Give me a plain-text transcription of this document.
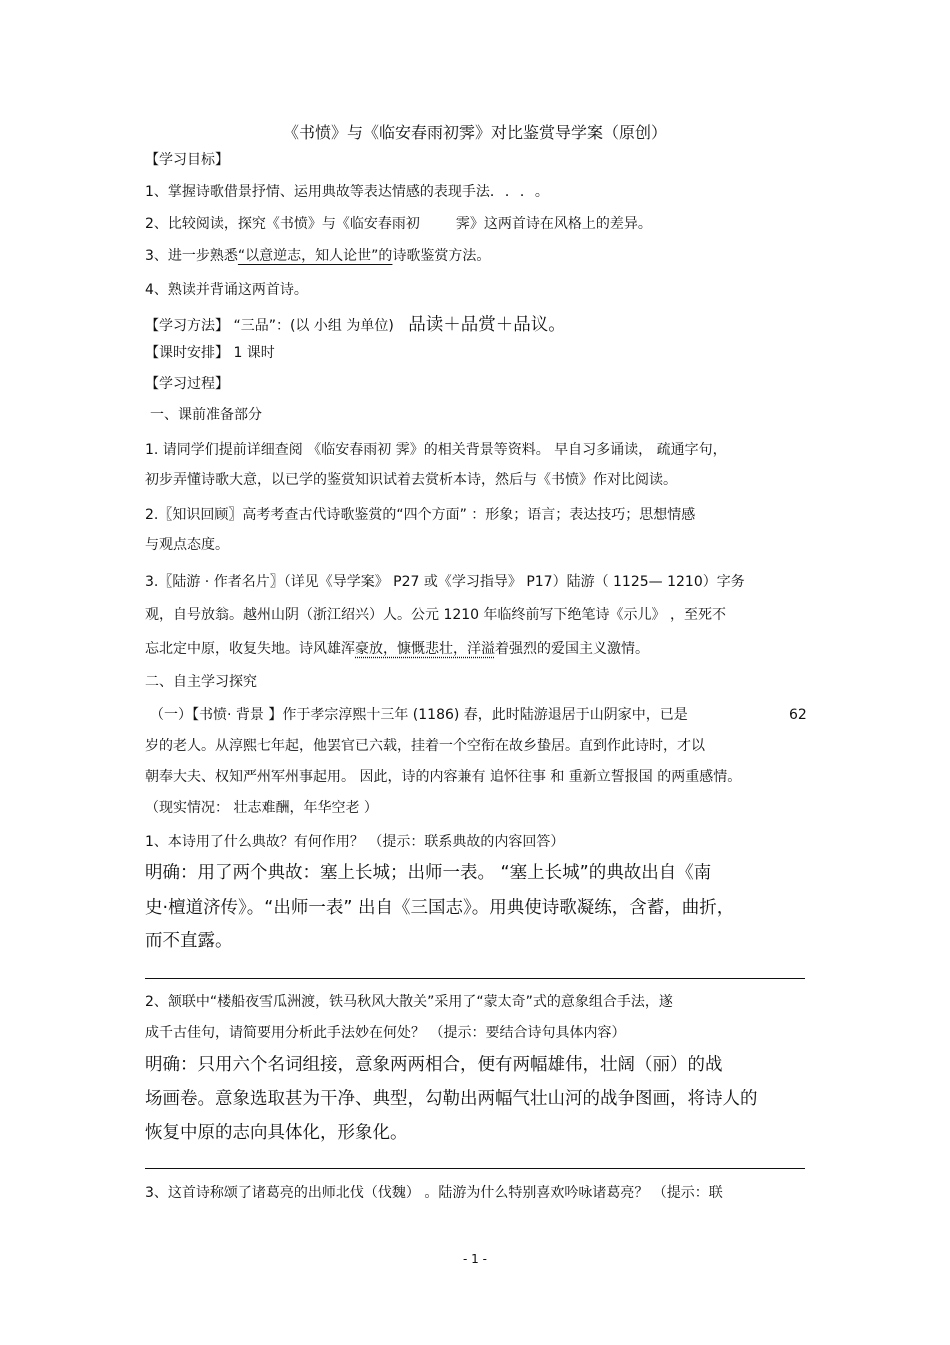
《书愤》与《临安春雨初霁》对比鉴赏导学案（原创）
【学习目标】
1、掌握诗歌借景抒情、运用典故等表达情感的表现手法．．．。
2、比较阅读，探究《书愤》与《临安春雨初	霁》这两首诗在风格上的差异。
3、进一步熟悉“以意逆志，知人论世”的诗歌鉴赏方法。
4、熟读并背诵这两首诗。
【学习方法】 “三品”：(以 小组 为单位) 品读＋品赏＋品议。
【课时安排】 1 课时
【学习过程】
一、课前准备部分
1. 请同学们提前详细查阅 《临安春雨初 霁》的相关背景等资料。 早自习多诵读， 疏通字句，
初步弄懂诗歌大意，以已学的鉴赏知识试着去赏析本诗，然后与《书愤》作对比阅读。
2.〖知识回顾〗高考考查古代诗歌鉴赏的“四个方面” ：形象；语言；表达技巧；思想情感
与观点态度。
3.〖陆游 · 作者名片〗（详见《导学案》 P27 或《学习指导》 P17）陆游（ 1125— 1210）字务
观，自号放翁。越州山阴（浙江绍兴）人。公元 1210 年临终前写下绝笔诗《示儿》 ，至死不
忘北定中原，收复失地。诗风雄浑豪放，慷慨悲壮，洋溢着强烈的爱国主义激情。
二、自主学习探究
（一）【书愤· 背景 】作于孝宗淳熙十三年 (1186) 春，此时陆游退居于山阴家中，已是	62
岁的老人。从淳熙七年起，他罢官已六载，挂着一个空衔在故乡蛰居。直到作此诗时，才以
朝奉大夫、权知严州军州事起用。 因此，诗的内容兼有 追怀往事 和 重新立誓报国 的两重感情。
（现实情况： 壮志难酬，年华空老 ）
1、本诗用了什么典故？有何作用？ （提示：联系典故的内容回答）
明确：用了两个典故：塞上长城；出师一表。 “塞上长城”的典故出自《南
史·檀道济传》。“出师一表” 出自《三国志》。用典使诗歌凝练，含蓄，曲折，
而不直露。
2、颔联中“楼船夜雪瓜洲渡，铁马秋风大散关”采用了“蒙太奇”式的意象组合手法，遂
成千古佳句，请简要用分析此手法妙在何处？ （提示：要结合诗句具体内容）
明确：只用六个名词组接，意象两两相合，便有两幅雄伟，壮阔（丽）的战
场画卷。意象选取甚为干净、典型，勾勒出两幅气壮山河的战争图画，将诗人的
恢复中原的志向具体化，形象化。
3、这首诗称颂了诸葛亮的出师北伐（伐魏） 。陆游为什么特别喜欢吟咏诸葛亮？ （提示：联
- 1 -
